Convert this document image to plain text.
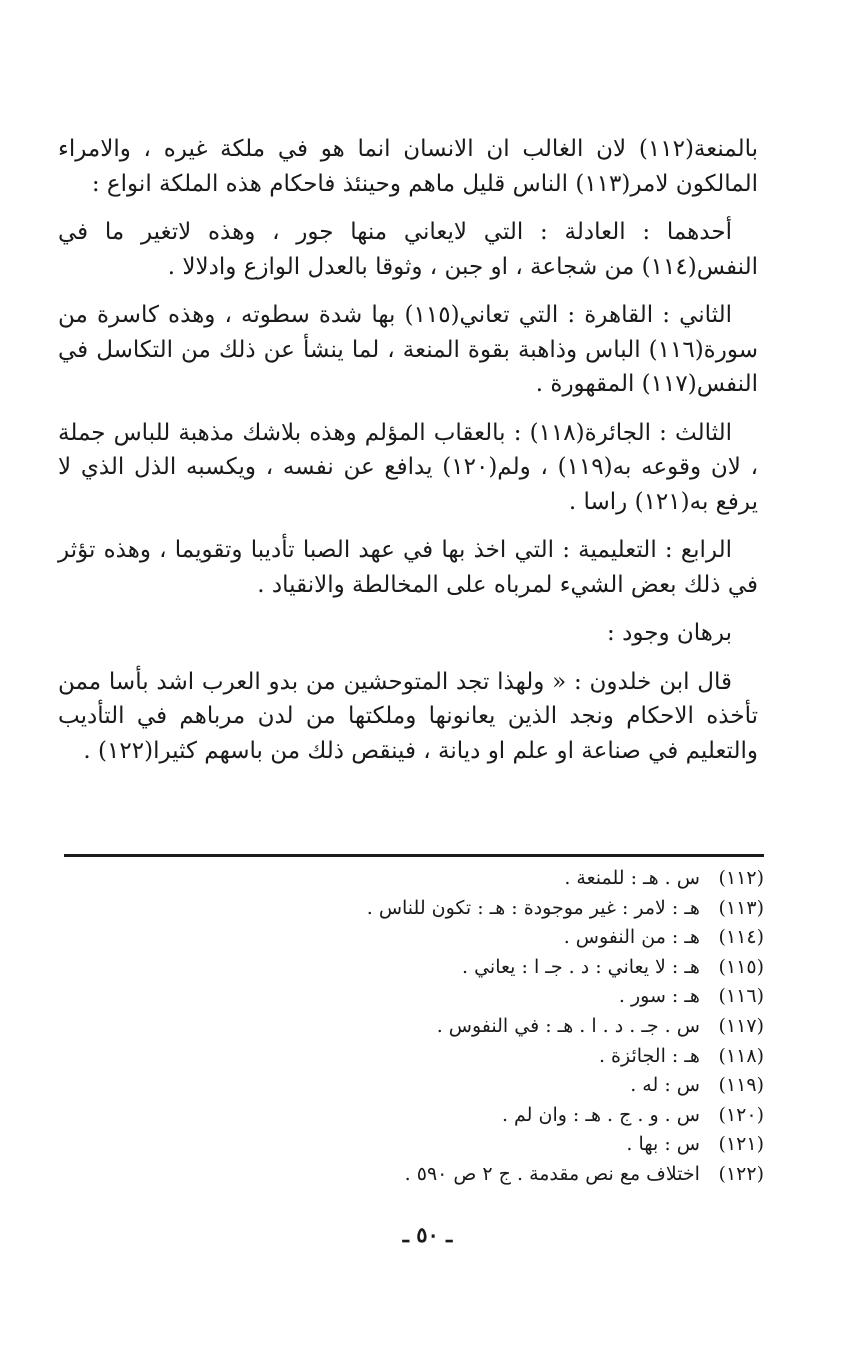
بالمنعة(١١٢) لان الغالب ان الانسان انما هو في ملكة غيره ، والامراء المالكون لامر(١١٣) الناس قليل ماهم وحينئذ فاحكام هذه الملكة انواع :

أحدهما : العادلة : التي لايعاني منها جور ، وهذه لاتغير ما في النفس(١١٤) من شجاعة ، او جبن ، وثوقا بالعدل الوازع وادلالا .

الثاني : القاهرة : التي تعاني(١١٥) بها شدة سطوته ، وهذه كاسرة من سورة(١١٦) الباس وذاهبة بقوة المنعة ، لما ينشأ عن ذلك من التكاسل في النفس(١١٧) المقهورة .

الثالث : الجائرة(١١٨) : بالعقاب المؤلم وهذه بلاشك مذهبة للباس جملة ، لان وقوعه به(١١٩) ، ولم(١٢٠) يدافع عن نفسه ، ويكسبه الذل الذي لا يرفع به(١٢١) راسا .

الرابع : التعليمية : التي اخذ بها في عهد الصبا تأديبا وتقويما ، وهذه تؤثر في ذلك بعض الشيء لمرباه على المخالطة والانقياد .

برهان وجود :

قال ابن خلدون : « ولهذا تجد المتوحشين من بدو العرب اشد بأسا ممن تأخذه الاحكام ونجد الذين يعانونها وملكتها من لدن مرباهم في التأديب والتعليم في صناعة او علم او ديانة ، فينقص ذلك من باسهم كثيرا(١٢٢) .

(١١٢) س . هـ : للمنعة .
(١١٣) هـ : لامر : غير موجودة : هـ : تكون للناس .
(١١٤) هـ : من النفوس .
(١١٥) هـ : لا يعاني : د . جـ ا : يعاني .
(١١٦) هـ : سور .
(١١٧) س . جـ . د . ا . هـ : في النفوس .
(١١٨) هـ : الجائزة .
(١١٩) س : له .
(١٢٠) س . و . ج . هـ : وان لم .
(١٢١) س : بها .
(١٢٢) اختلاف مع نص مقدمة . ج ٢ ص ٥٩٠ .
ـ ٥٠ ـ
